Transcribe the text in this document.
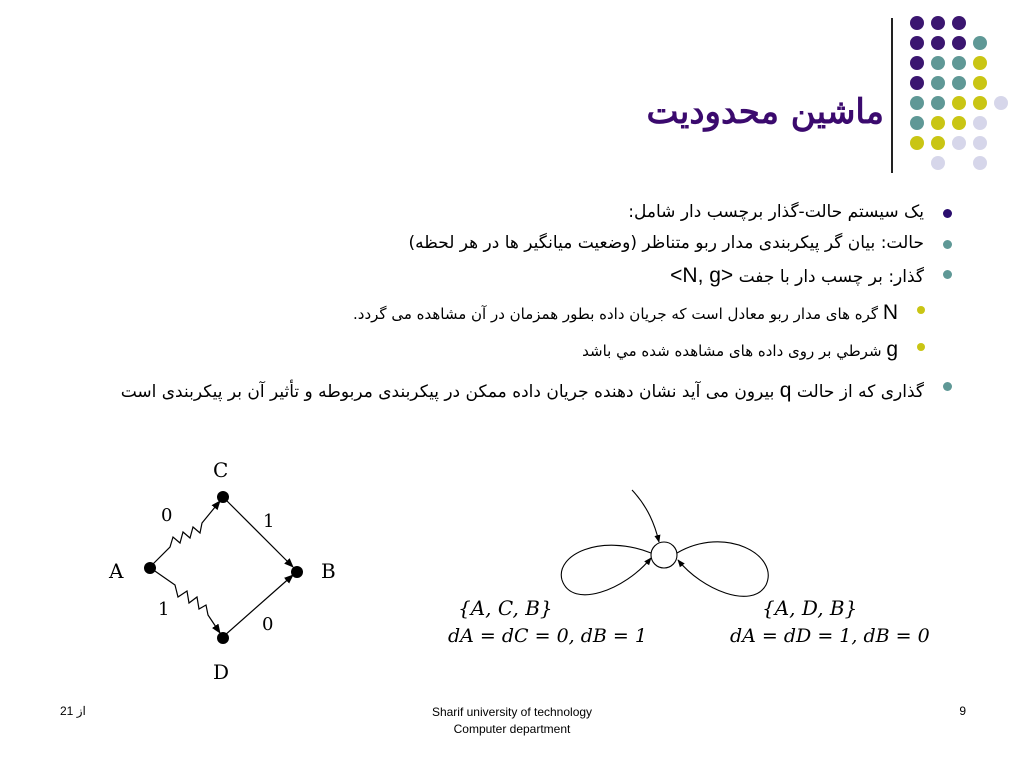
ماشین محدودیت
یک سیستم حالت-گذار برچسب دار شامل:
حالت: بیان گر پیکربندی مدار ربو متناظر (وضعیت میانگیر ها در هر لحظه)
گذار: بر چسب دار با جفت <N, g>
N گره های مدار ربو معادل است که جریان داده بطور همزمان در آن مشاهده می گردد.
g شرطي بر روی داده های مشاهده شده مي باشد
گذاری که از حالت q بیرون می آید نشان دهنده جریان داده ممکن در پیکربندی مربوطه و تأثیر آن بر پیکربندی است
A	B
C
D
0	1
1
0
{A, C, B}
dA = dC = 0, dB = 1
{A, D, B}
dA = dD = 1, dB = 0
21 از	Sharif university of technology
Computer department
9
